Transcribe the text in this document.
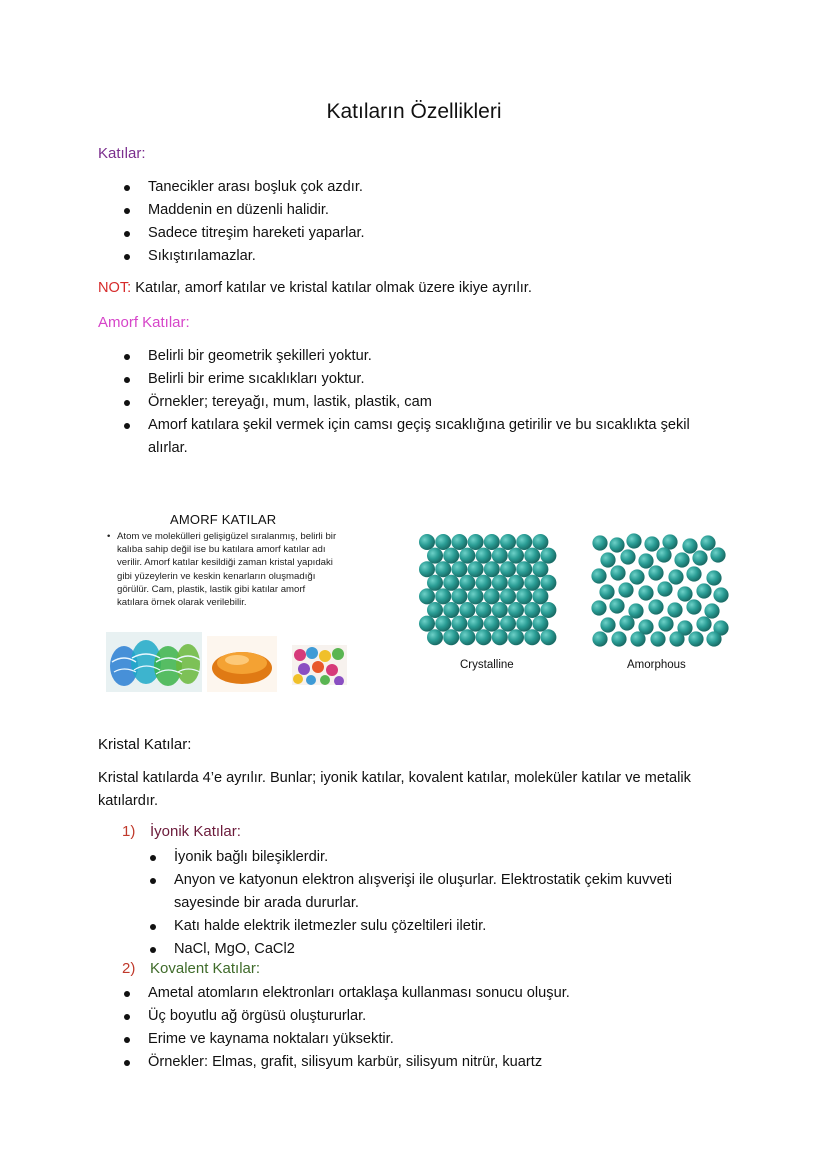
Katıların Özellikleri
Katılar:
Tanecikler arası boşluk çok azdır.
Maddenin en düzenli halidir.
Sadece titreşim hareketi yaparlar.
Sıkıştırılamazlar.
NOT: Katılar, amorf katılar ve kristal katılar olmak üzere ikiye ayrılır.
Amorf Katılar:
Belirli bir geometrik şekilleri yoktur.
Belirli bir erime sıcaklıkları yoktur.
Örnekler; tereyağı, mum, lastik, plastik, cam
Amorf katılara şekil vermek için camsı geçiş sıcaklığına getirilir ve bu sıcaklıkta şekil alırlar.
AMORF KATILAR
• Atom ve molekülleri gelişigüzel sıralanmış, belirli bir kalıba sahip değil ise bu katılara amorf katılar adı verilir. Amorf katılar kesildiği zaman kristal yapıdaki gibi yüzeylerin ve keskin kenarların oluşmadığı görülür. Cam, plastik, lastik gibi katılar amorf katılara örnek olarak verilebilir.
Crystalline	Amorphous
Kristal Katılar:
Kristal katılarda 4’e ayrılır. Bunlar; iyonik katılar, kovalent katılar, moleküler katılar ve metalik katılardır.
1) İyonik Katılar:
İyonik bağlı bileşiklerdir.
Anyon ve katyonun elektron alışverişi ile oluşurlar. Elektrostatik çekim kuvveti sayesinde bir arada dururlar.
Katı halde elektrik iletmezler sulu çözeltileri iletir.
NaCl, MgO, CaCl2
2) Kovalent Katılar:
Ametal atomların elektronları ortaklaşa kullanması sonucu oluşur.
Üç boyutlu ağ örgüsü oluştururlar.
Erime ve kaynama noktaları yüksektir.
Örnekler: Elmas, grafit, silisyum karbür, silisyum nitrür, kuartz
